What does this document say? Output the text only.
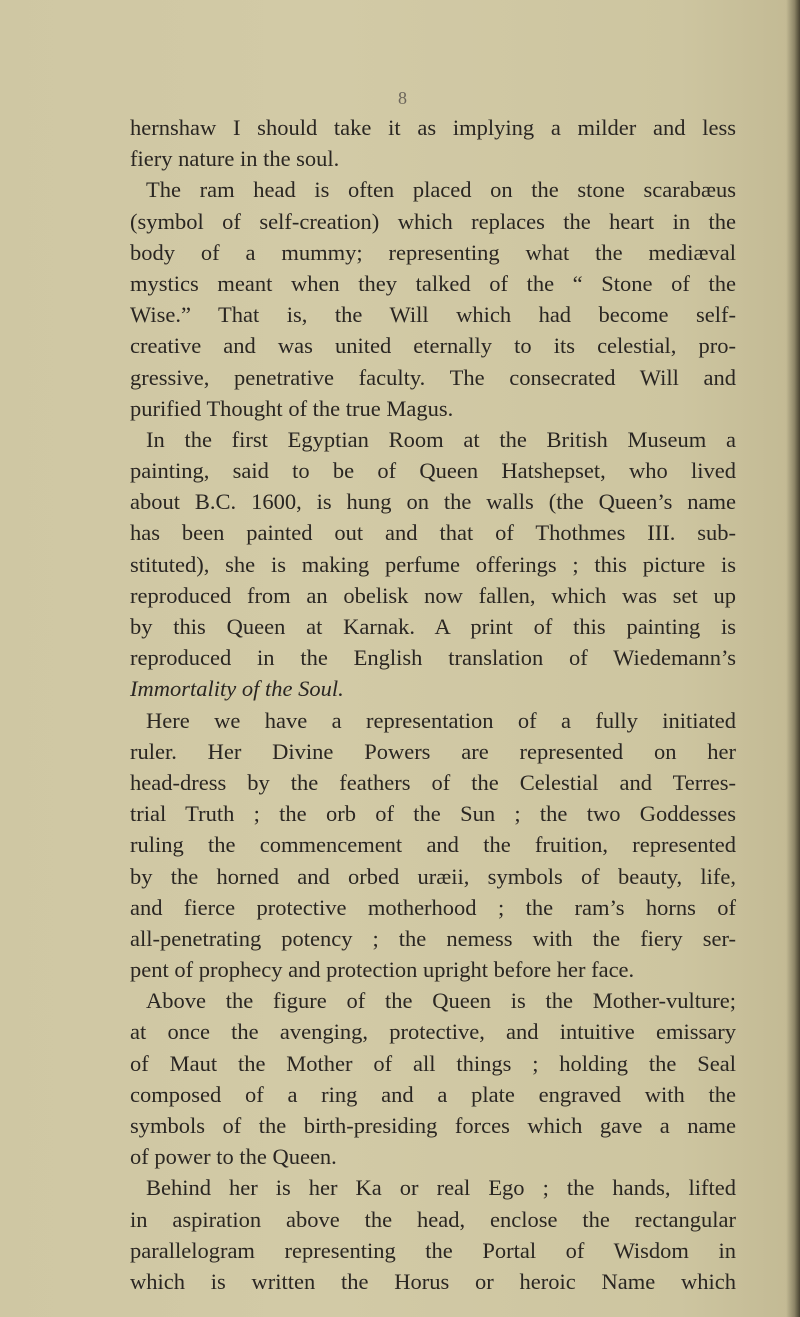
8
hernshaw I should take it as implying a milder and less
fiery nature in the soul.
The ram head is often placed on the stone scarabæus
(symbol of self-creation) which replaces the heart in the
body of a mummy; representing what the mediæval
mystics meant when they talked of the “ Stone of the
Wise.” That is, the Will which had become self-
creative and was united eternally to its celestial, pro-
gressive, penetrative faculty. The consecrated Will and
purified Thought of the true Magus.
In the first Egyptian Room at the British Museum a
painting, said to be of Queen Hatshepset, who lived
about B.C. 1600, is hung on the walls (the Queen’s name
has been painted out and that of Thothmes III. sub-
stituted), she is making perfume offerings ; this picture is
reproduced from an obelisk now fallen, which was set up
by this Queen at Karnak. A print of this painting is
reproduced in the English translation of Wiedemann’s
Immortality of the Soul.
Here we have a representation of a fully initiated
ruler. Her Divine Powers are represented on her
head-dress by the feathers of the Celestial and Terres-
trial Truth ; the orb of the Sun ; the two Goddesses
ruling the commencement and the fruition, represented
by the horned and orbed uræii, symbols of beauty, life,
and fierce protective motherhood ; the ram’s horns of
all-penetrating potency ; the nemess with the fiery ser-
pent of prophecy and protection upright before her face.
Above the figure of the Queen is the Mother-vulture;
at once the avenging, protective, and intuitive emissary
of Maut the Mother of all things ; holding the Seal
composed of a ring and a plate engraved with the
symbols of the birth-presiding forces which gave a name
of power to the Queen.
Behind her is her Ka or real Ego ; the hands, lifted
in aspiration above the head, enclose the rectangular
parallelogram representing the Portal of Wisdom in
which is written the Horus or heroic Name which
